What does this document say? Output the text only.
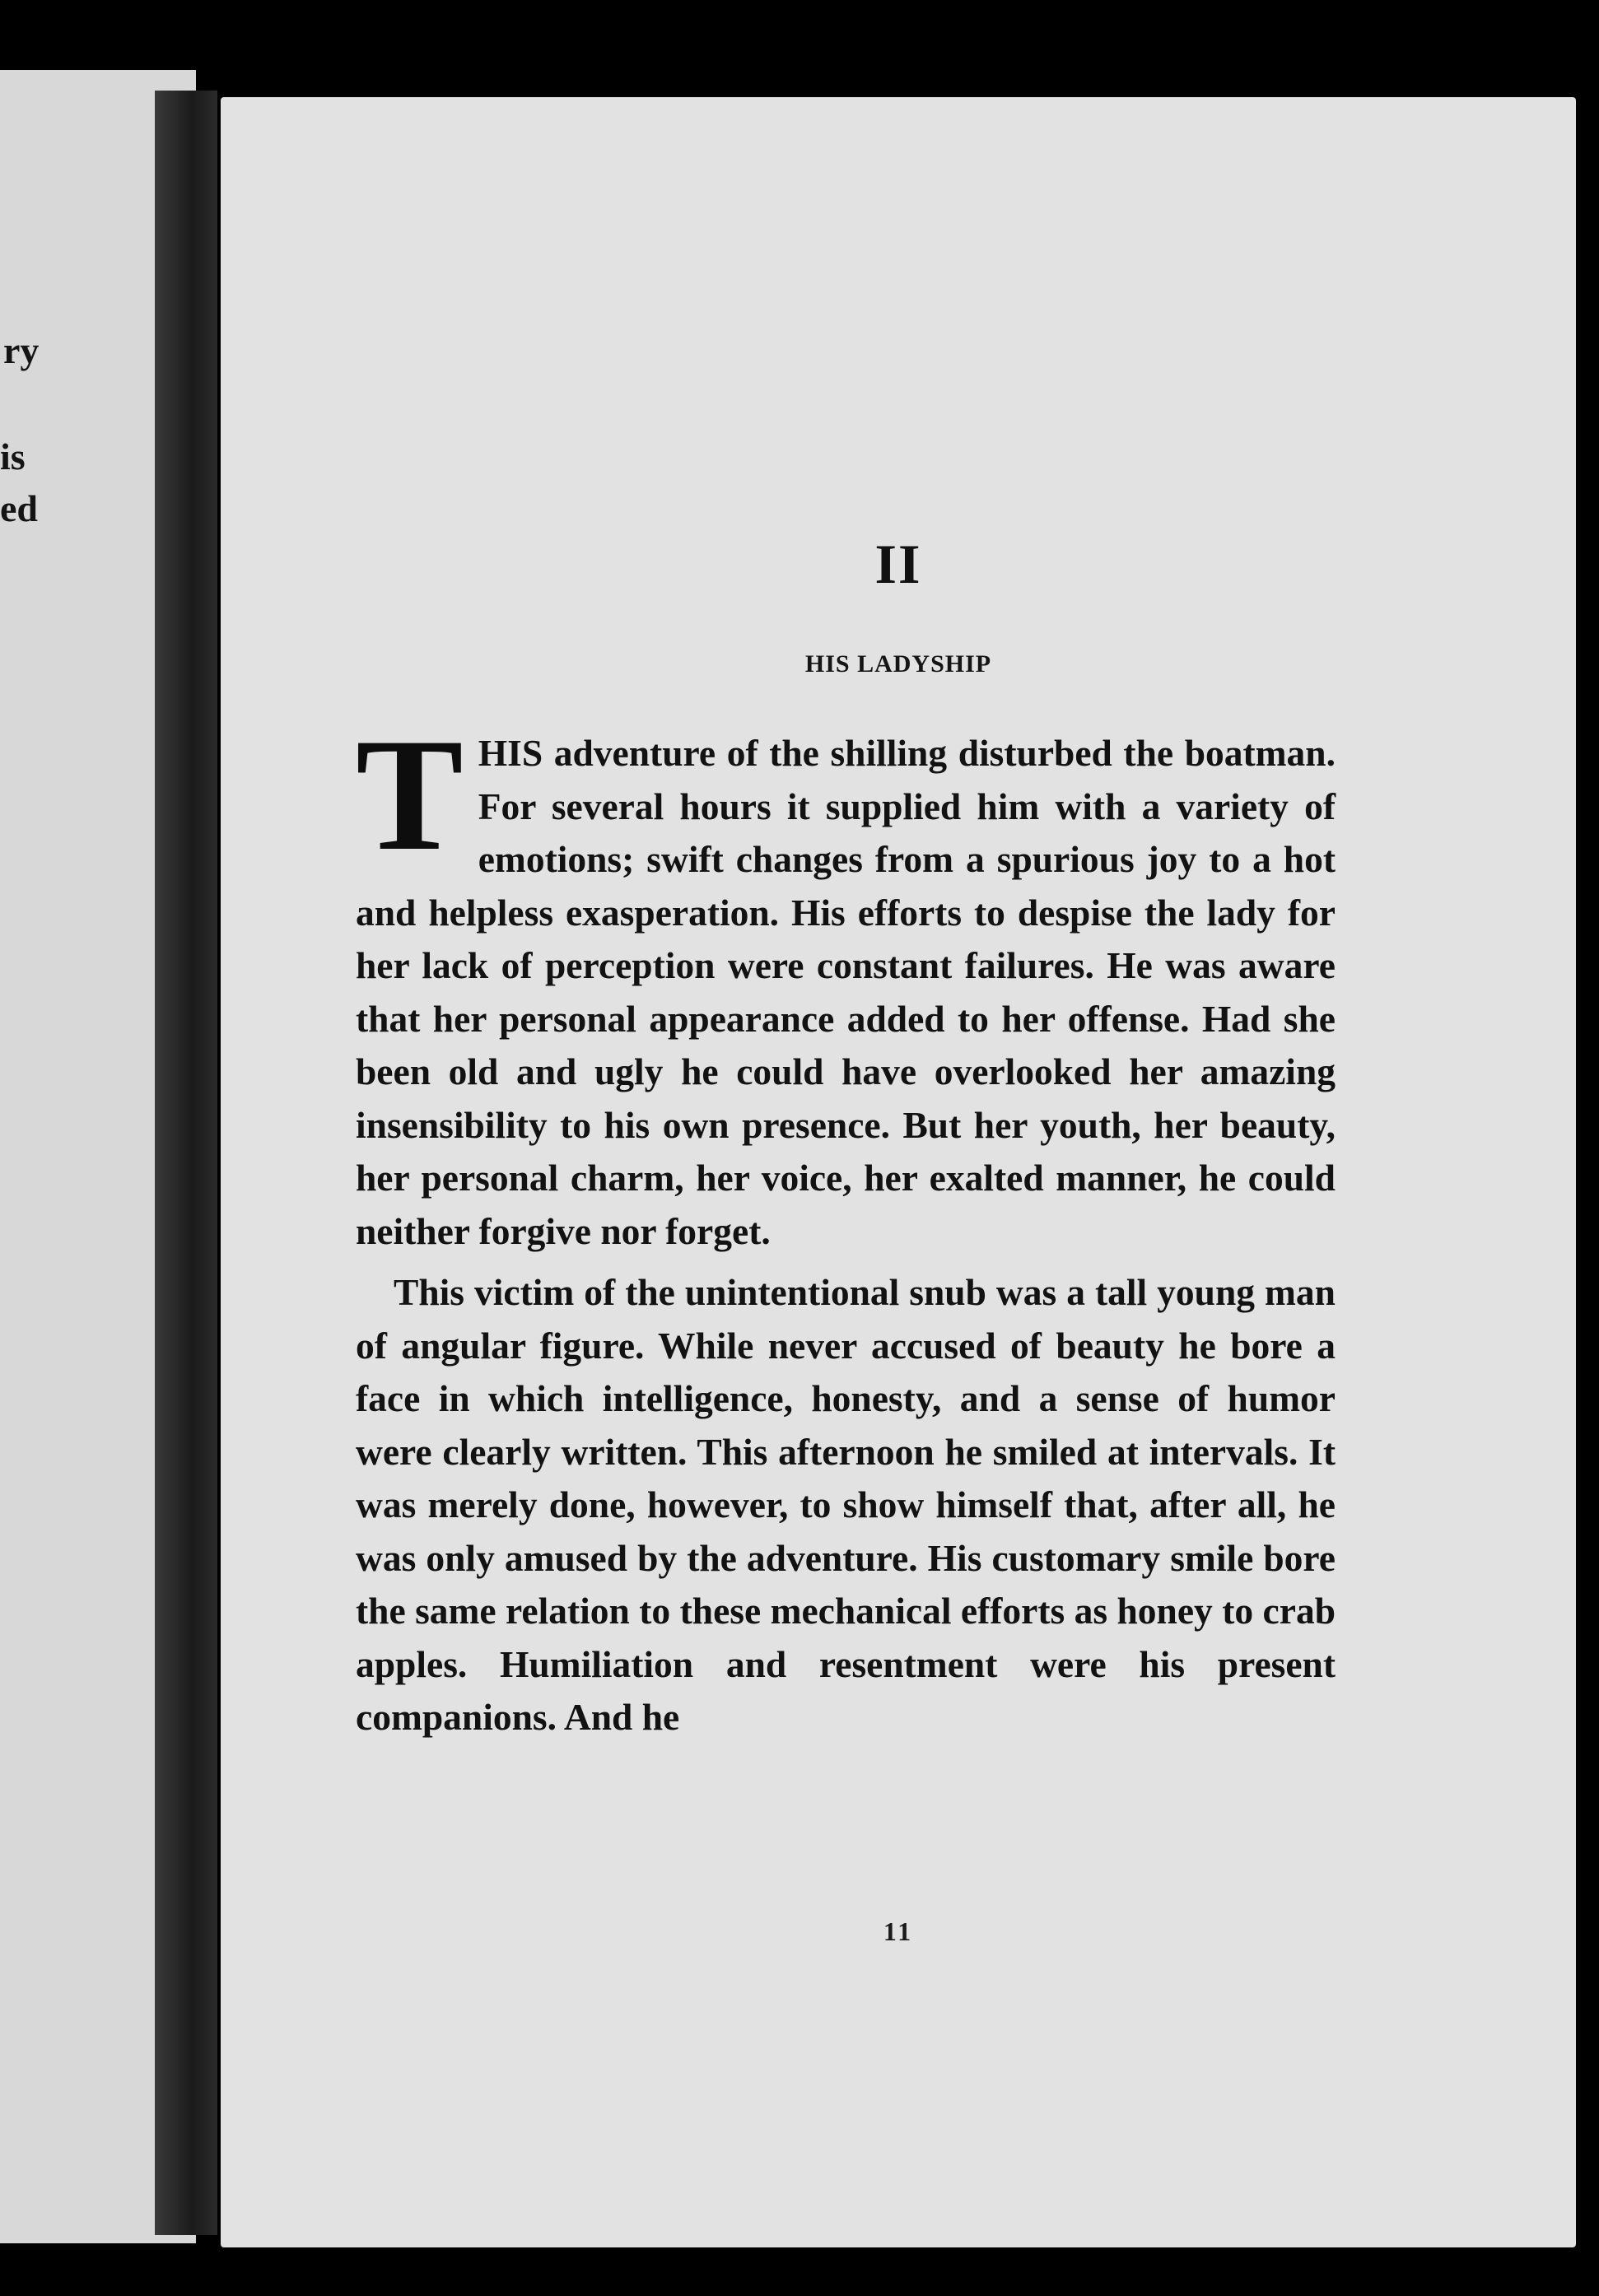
ry
is
ed
II
HIS LADYSHIP

THIS adventure of the shilling disturbed the boatman. For several hours it supplied him with a variety of emotions; swift changes from a spurious joy to a hot and helpless exasperation. His efforts to despise the lady for her lack of perception were constant failures. He was aware that her personal appearance added to her offense. Had she been old and ugly he could have overlooked her amazing insensibility to his own presence. But her youth, her beauty, her personal charm, her voice, her exalted manner, he could neither forgive nor forget.

This victim of the unintentional snub was a tall young man of angular figure. While never accused of beauty he bore a face in which intelligence, honesty, and a sense of humor were clearly written. This afternoon he smiled at intervals. It was merely done, however, to show himself that, after all, he was only amused by the adventure. His customary smile bore the same relation to these mechanical efforts as honey to crab apples. Humiliation and resentment were his present companions. And he

11
